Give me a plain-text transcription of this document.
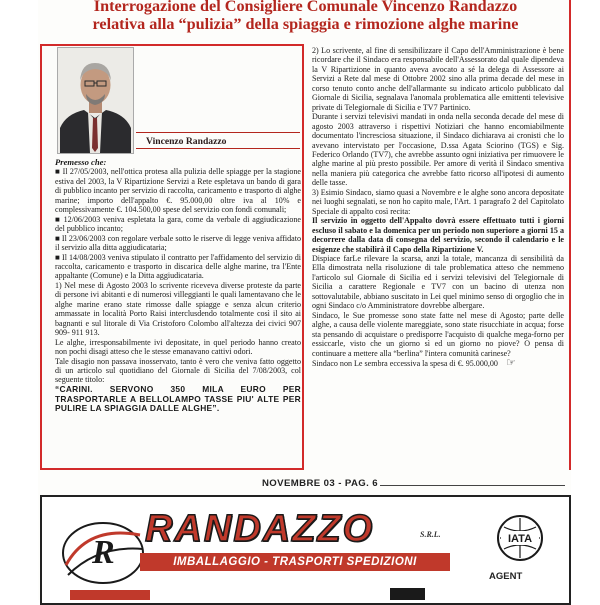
Interrogazione del Consigliere Comunale Vincenzo Randazzo
relativa alla “pulizia” della spiaggia e rimozione alghe marine
Vincenzo Randazzo

Premesso che:

■ Il 27/05/2003, nell'ottica protesa alla pulizia delle spiagge per la stagione estiva del 2003, la V Ripartizione Servizi a Rete espletava un bando di gara di pubblico incanto per servizio di raccolta, caricamento e trasporto di alghe marine; importo dell'appalto €. 95.000,00 oltre iva al 10% e complessivamente €. 104.500,00 spese del servizio con fondi comunali;

■ 12/06/2003 veniva espletata la gara, come da verbale di aggiudicazione del pubblico incanto;

■ Il 23/06/2003 con regolare verbale sotto le riserve di legge veniva affidato il servizio alla ditta aggiudicataria;

■ Il 14/08/2003 veniva stipulato il contratto per l'affidamento del servizio di raccolta, caricamento e trasporto in discarica delle alghe marine, tra l'Ente appaltante (Comune) e la Ditta aggiudicataria.

1) Nel mese di Agosto 2003 lo scrivente riceveva diverse proteste da parte di persone ivi abitanti e di numerosi villeggianti le quali lamentavano che le alghe marine erano state rimosse dalle spiagge e senza alcun criterio ammassate in località Porto Raisi interclusdendo totalmente così il sito ai bagnanti e sul litorale di Via Cristoforo Colombo all'altezza dei civici 907 909- 911 913.

Le alghe, irresponsabilmente ivi depositate, in quel periodo hanno creato non pochi disagi atteso che le stesse emanavano cattivi odori.

Tale disagio non passava inosservato, tanto è vero che veniva fatto oggetto di un articolo sul quotidiano del Giornale di Sicilia del 7/08/2003, col seguente titolo:

“CARINI. SERVONO 350 MILA EURO PER TRASPORTARLE A BELLOLAMPO TASSE PIU' ALTE PER PULIRE LA SPIAGGIA DALLE ALGHE”.

2) Lo scrivente, al fine di sensibilizzare il Capo dell'Amministrazione è bene ricordare che il Sindaco era responsabile dell'Assessorato dal quale dipendeva la V Ripartizione in quanto aveva avocato a sé la delega di Assessore ai Servizi a Rete dal mese di Ottobre 2002 sino alla prima decade del mese in corso tenuto conto anche dell'allarmante su indicato articolo pubblicato dal Giornale di Sicilia, segnalava l'anomala problematica alle emittenti televisive private di Telegiornale di Sicilia e TV7 Partinico.

Durante i servizi televisivi mandati in onda nella seconda decade del mese di agosto 2003 attraverso i rispettivi Notiziari che hanno encomiabilmente documentato l'incresciosa situazione, il Sindaco dichiarava ai cronisti che lo avevano intervistato per l'occasione, D.ssa Agata Sciorino (TGS) e Sig. Federico Orlando (TV7), che avrebbe assunto ogni iniziativa per rimuovere le alghe marine al più presto possibile. Per amore di verità il Sindaco smentiva nella maniera più categorica che avrebbe fatto ricorso all'ipotesi di aumento delle tasse.

3) Esimio Sindaco, siamo quasi a Novembre e le alghe sono ancora depositate nei luoghi segnalati, se non ho capito male, l'Art. 1 paragrafo 2 del Capitolato Speciale di appalto così recita:

Il servizio in oggetto dell'Appalto dovrà essere effettuato tutti i giorni escluso il sabato e la domenica per un periodo non superiore a giorni 15 a decorrere dalla data di consegna del servizio, secondo il calendario e le esigenze che stabilirà il Capo della Ripartizione V.

Dispiace farLe rilevare la scarsa, anzi la totale, mancanza di sensibilità da Ella dimostrata nella risoluzione di tale problematica atteso che nemmeno l'articolo sul Giornale di Sicilia ed i servizi televisivi del Telegiornale di Sicilia a carattere Regionale e TV7 con un bacino di utenza non sottovalutabile, abbiano suscitato in Lei quel minimo senso di orgoglio che in ogni Sindaco c/o Amministratore dovrebbe albergare.

Sindaco, le Sue promesse sono state fatte nel mese di Agosto; parte delle alghe, a causa delle violente mareggiate, sono state risucchiate in acqua; forse sta pensando di acquistare o predisporre l'acquisto di qualche mega-forno per essiccarle, visto che un giorno sì ed un giorno no piove? O pensa di continuare a mettere alla “berlina” l'intera comunità carinese?

Sindaco non Le sembra eccessiva la spesa di €. 95.000,00 ☞

NOVEMBRE 03 - PAG. 6
R	IATA
RANDAZZO	S.R.L.
IMBALLAGGIO - TRASPORTI SPEDIZIONI
AGENT
